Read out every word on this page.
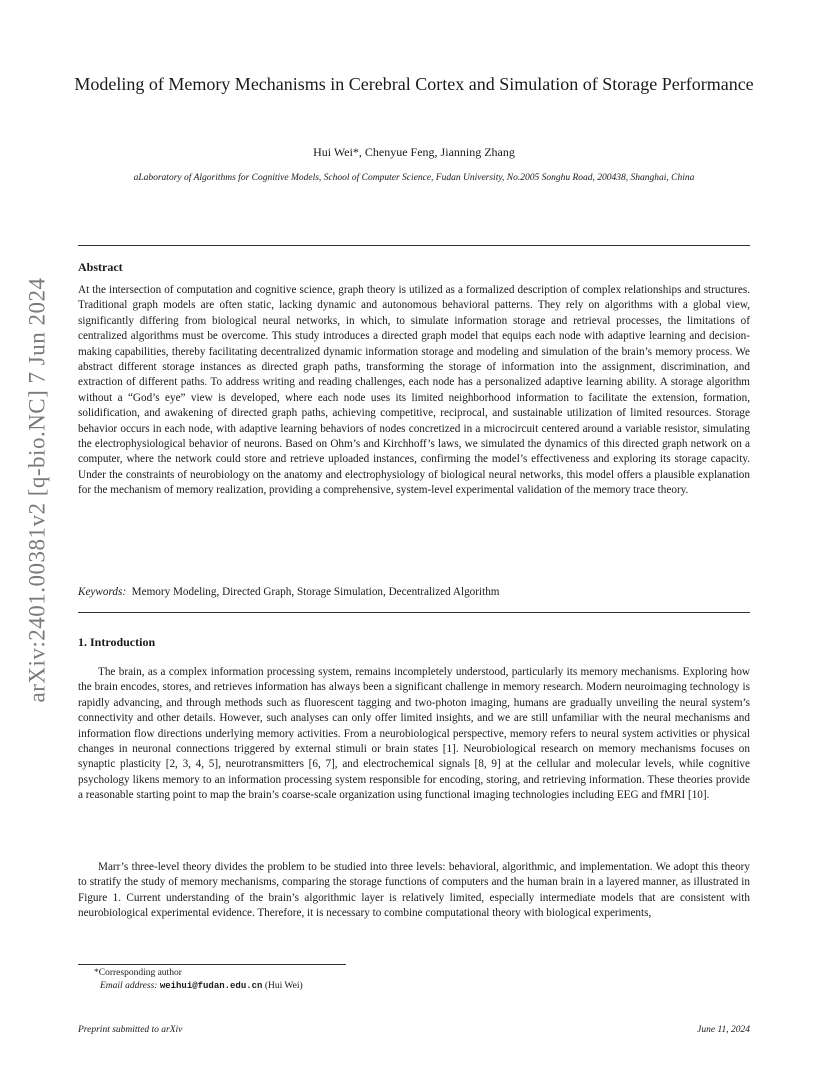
arXiv:2401.00381v2 [q-bio.NC] 7 Jun 2024
Modeling of Memory Mechanisms in Cerebral Cortex and Simulation of Storage Performance
Hui Wei*, Chenyue Feng, Jianning Zhang
aLaboratory of Algorithms for Cognitive Models, School of Computer Science, Fudan University, No.2005 Songhu Road, 200438, Shanghai, China
Abstract

At the intersection of computation and cognitive science, graph theory is utilized as a formalized description of complex relationships and structures. Traditional graph models are often static, lacking dynamic and autonomous behavioral patterns. They rely on algorithms with a global view, significantly differing from biological neural networks, in which, to simulate information storage and retrieval processes, the limitations of centralized algorithms must be overcome. This study introduces a directed graph model that equips each node with adaptive learning and decision-making capabilities, thereby facilitating decentralized dynamic information storage and modeling and simulation of the brain’s memory process. We abstract different storage instances as directed graph paths, transforming the storage of information into the assignment, discrimination, and extraction of different paths. To address writing and reading challenges, each node has a personalized adaptive learning ability. A storage algorithm without a “God’s eye” view is developed, where each node uses its limited neighborhood information to facilitate the extension, formation, solidification, and awakening of directed graph paths, achieving competitive, reciprocal, and sustainable utilization of limited resources. Storage behavior occurs in each node, with adaptive learning behaviors of nodes concretized in a microcircuit centered around a variable resistor, simulating the electrophysiological behavior of neurons. Based on Ohm’s and Kirchhoff’s laws, we simulated the dynamics of this directed graph network on a computer, where the network could store and retrieve uploaded instances, confirming the model’s effectiveness and exploring its storage capacity. Under the constraints of neurobiology on the anatomy and electrophysiology of biological neural networks, this model offers a plausible explanation for the mechanism of memory realization, providing a comprehensive, system-level experimental validation of the memory trace theory.

Keywords: Memory Modeling, Directed Graph, Storage Simulation, Decentralized Algorithm
1. Introduction

The brain, as a complex information processing system, remains incompletely understood, particularly its memory mechanisms. Exploring how the brain encodes, stores, and retrieves information has always been a significant challenge in memory research. Modern neuroimaging technology is rapidly advancing, and through methods such as fluorescent tagging and two-photon imaging, humans are gradually unveiling the neural system’s connectivity and other details. However, such analyses can only offer limited insights, and we are still unfamiliar with the neural mechanisms and information flow directions underlying memory activities. From a neurobiological perspective, memory refers to neural system activities or physical changes in neuronal connections triggered by external stimuli or brain states [1]. Neurobiological research on memory mechanisms focuses on synaptic plasticity [2, 3, 4, 5], neurotransmitters [6, 7], and electrochemical signals [8, 9] at the cellular and molecular levels, while cognitive psychology likens memory to an information processing system responsible for encoding, storing, and retrieving information. These theories provide a reasonable starting point to map the brain’s coarse-scale organization using functional imaging technologies including EEG and fMRI [10].

Marr’s three-level theory divides the problem to be studied into three levels: behavioral, algorithmic, and implementation. We adopt this theory to stratify the study of memory mechanisms, comparing the storage functions of computers and the human brain in a layered manner, as illustrated in Figure 1. Current understanding of the brain’s algorithmic layer is relatively limited, especially intermediate models that are consistent with neurobiological experimental evidence. Therefore, it is necessary to combine computational theory with biological experiments,

*Corresponding author
Email address: weihui@fudan.edu.cn (Hui Wei)
Preprint submitted to arXiv	June 11, 2024
